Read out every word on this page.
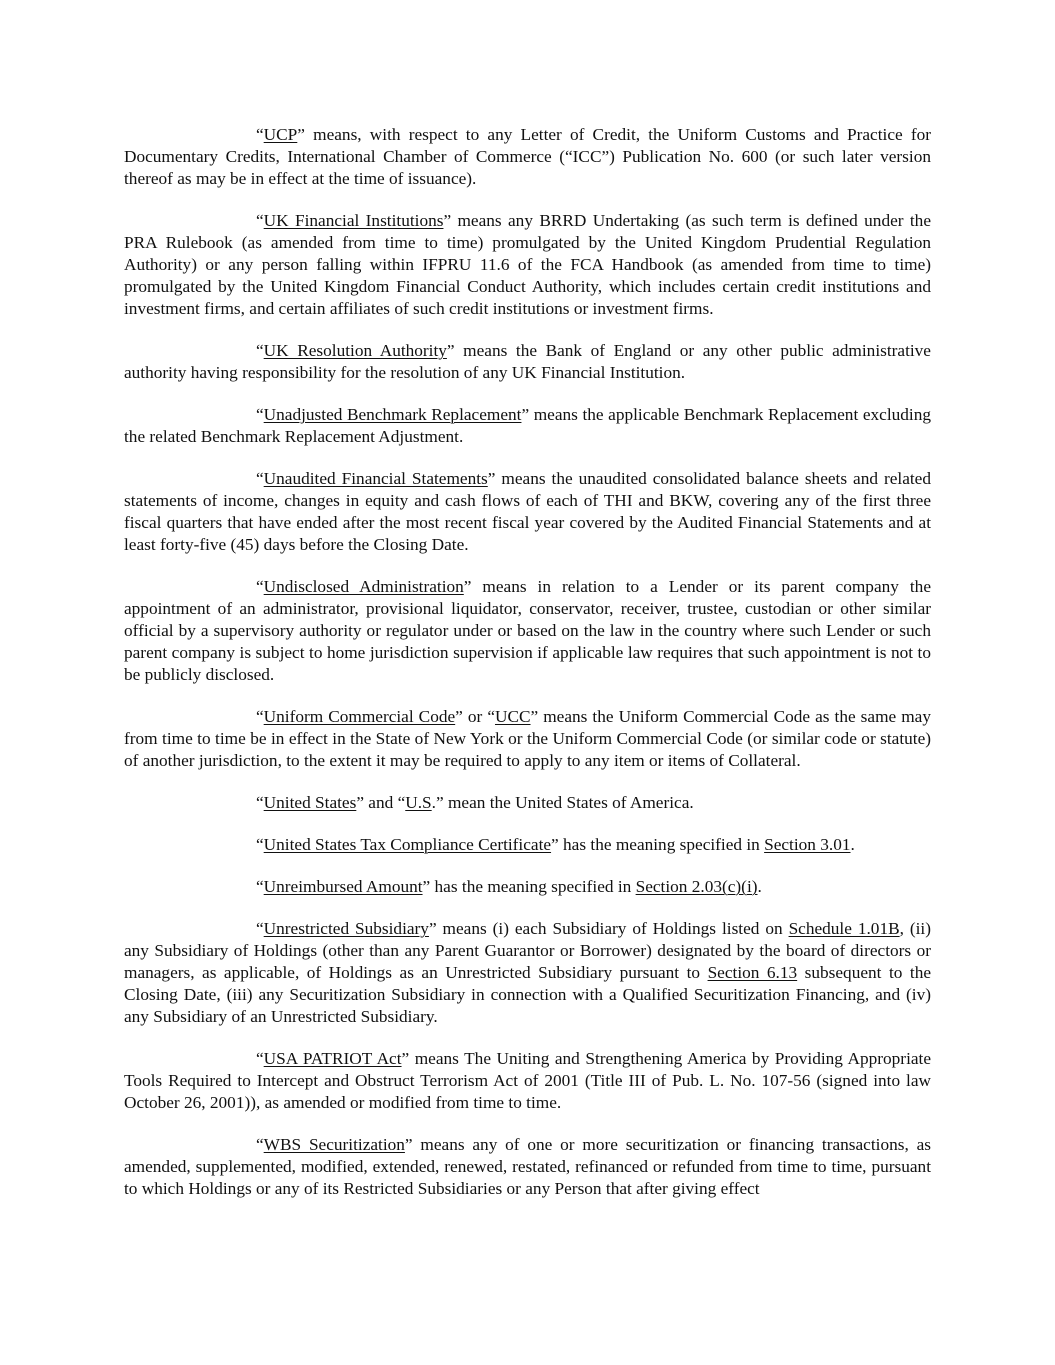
“UCP” means, with respect to any Letter of Credit, the Uniform Customs and Practice for Documentary Credits, International Chamber of Commerce (“ICC”) Publication No. 600 (or such later version thereof as may be in effect at the time of issuance).

“UK Financial Institutions” means any BRRD Undertaking (as such term is defined under the PRA Rulebook (as amended from time to time) promulgated by the United Kingdom Prudential Regulation Authority) or any person falling within IFPRU 11.6 of the FCA Handbook (as amended from time to time) promulgated by the United Kingdom Financial Conduct Authority, which includes certain credit institutions and investment firms, and certain affiliates of such credit institutions or investment firms.

“UK Resolution Authority” means the Bank of England or any other public administrative authority having responsibility for the resolution of any UK Financial Institution.

“Unadjusted Benchmark Replacement” means the applicable Benchmark Replacement excluding the related Benchmark Replacement Adjustment.

“Unaudited Financial Statements” means the unaudited consolidated balance sheets and related statements of income, changes in equity and cash flows of each of THI and BKW, covering any of the first three fiscal quarters that have ended after the most recent fiscal year covered by the Audited Financial Statements and at least forty-five (45) days before the Closing Date.

“Undisclosed Administration” means in relation to a Lender or its parent company the appointment of an administrator, provisional liquidator, conservator, receiver, trustee, custodian or other similar official by a supervisory authority or regulator under or based on the law in the country where such Lender or such parent company is subject to home jurisdiction supervision if applicable law requires that such appointment is not to be publicly disclosed.

“Uniform Commercial Code” or “UCC” means the Uniform Commercial Code as the same may from time to time be in effect in the State of New York or the Uniform Commercial Code (or similar code or statute) of another jurisdiction, to the extent it may be required to apply to any item or items of Collateral.

“United States” and “U.S.” mean the United States of America.

“United States Tax Compliance Certificate” has the meaning specified in Section 3.01.

“Unreimbursed Amount” has the meaning specified in Section 2.03(c)(i).

“Unrestricted Subsidiary” means (i) each Subsidiary of Holdings listed on Schedule 1.01B, (ii) any Subsidiary of Holdings (other than any Parent Guarantor or Borrower) designated by the board of directors or managers, as applicable, of Holdings as an Unrestricted Subsidiary pursuant to Section 6.13 subsequent to the Closing Date, (iii) any Securitization Subsidiary in connection with a Qualified Securitization Financing, and (iv) any Subsidiary of an Unrestricted Subsidiary.

“USA PATRIOT Act” means The Uniting and Strengthening America by Providing Appropriate Tools Required to Intercept and Obstruct Terrorism Act of 2001 (Title III of Pub. L. No. 107-56 (signed into law October 26, 2001)), as amended or modified from time to time.

“WBS Securitization” means any of one or more securitization or financing transactions, as amended, supplemented, modified, extended, renewed, restated, refinanced or refunded from time to time, pursuant to which Holdings or any of its Restricted Subsidiaries or any Person that after giving effect
